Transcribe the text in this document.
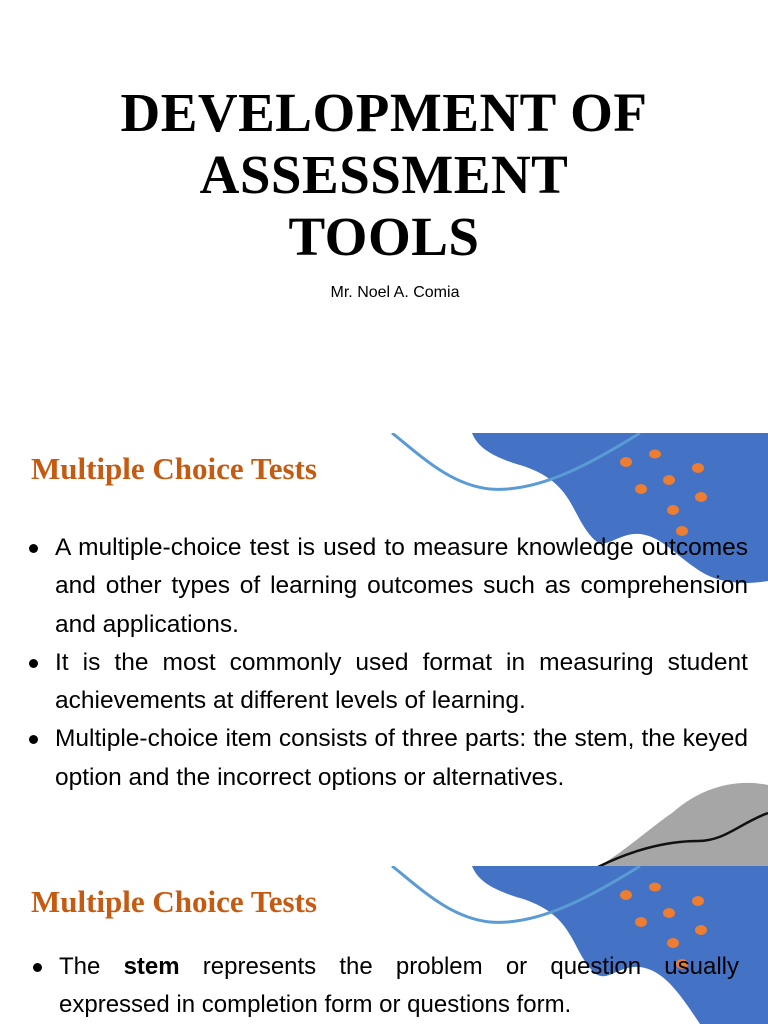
DEVELOPMENT OF
ASSESSMENT
TOOLS
Mr. Noel A. Comia
Multiple Choice Tests
A multiple-choice test is used to measure knowledge outcomes and other types of learning outcomes such as comprehension and applications.
It is the most commonly used format in measuring student achievements at different levels of learning.
Multiple-choice item consists of three parts: the stem, the keyed option and the incorrect options or alternatives.
Multiple Choice Tests
The stem represents the problem or question usually expressed in completion form or questions form.
